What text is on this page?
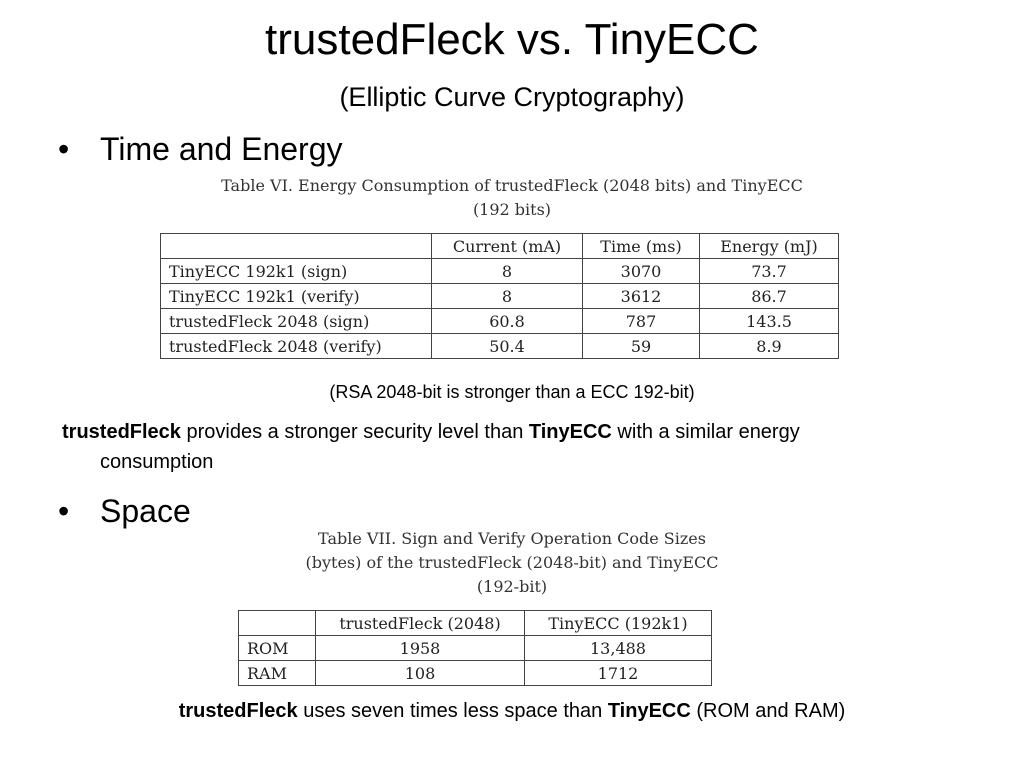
trustedFleck vs. TinyECC
(Elliptic Curve Cryptography)
• Time and Energy
Table VI. Energy Consumption of trustedFleck (2048 bits) and TinyECC
(192 bits)
	Current (mA)	Time (ms)	Energy (mJ)
TinyECC 192k1 (sign)	8	3070	73.7
TinyECC 192k1 (verify)	8	3612	86.7
trustedFleck 2048 (sign)	60.8	787	143.5
trustedFleck 2048 (verify)	50.4	59	8.9
(RSA 2048-bit is stronger than a ECC 192-bit)
trustedFleck provides a stronger security level than TinyECC with a similar energy
consumption
• Space
Table VII. Sign and Verify Operation Code Sizes
(bytes) of the trustedFleck (2048-bit) and TinyECC
(192-bit)
	trustedFleck (2048)	TinyECC (192k1)
ROM	1958	13,488
RAM	108	1712
trustedFleck uses seven times less space than TinyECC (ROM and RAM)
